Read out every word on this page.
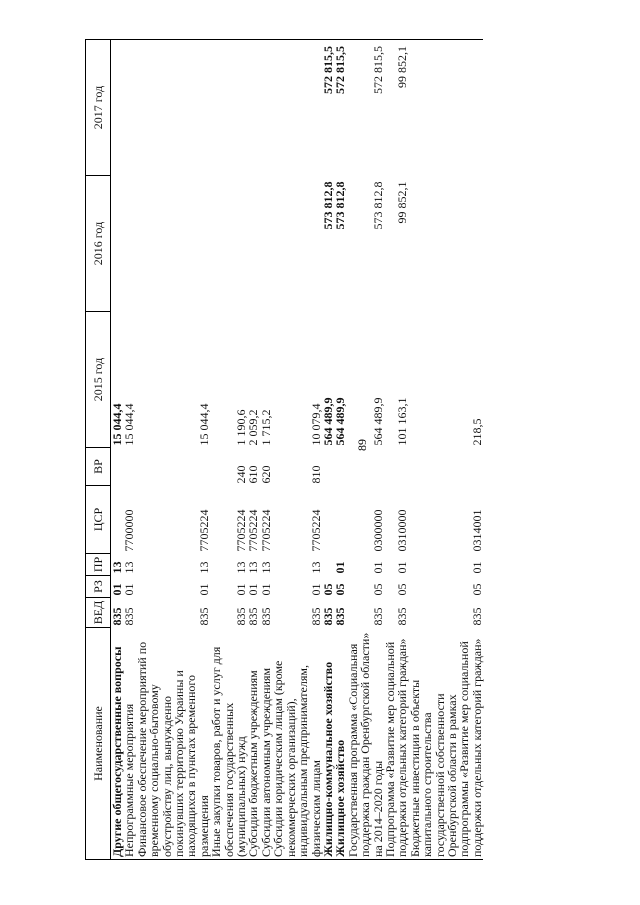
89
Наименование	ВЕД	РЗ	ПР	ЦСР	ВР	2015 год	2016 год	2017 год
Другие общегосударственные вопросы	835	01	13			15 044,4		
Непрограммные мероприятия	835	01	13	7700000		15 044,4		
Финансовое обеспечение мероприятий по временному социально-бытовому обустройству лиц, вынужденно покинувших территорию Украины и находящихся в пунктах временного размещения	835	01	13	7705224		15 044,4		
Иные закупки товаров, работ и услуг для обеспечения государственных (муниципальных) нужд	835	01	13	7705224	240	1 190,6		
Субсидии бюджетным учреждениям	835	01	13	7705224	610	2 059,2		
Субсидии автономным учреждениям	835	01	13	7705224	620	1 715,2		
Субсидии юридическим лицам (кроме некоммерческих организаций), индивидуальным предпринимателям, физическим лицам	835	01	13	7705224	810	10 079,4		
Жилищно-коммунальное хозяйство	835	05				564 489,9	573 812,8	572 815,5
Жилищное хозяйство	835	05	01			564 489,9	573 812,8	572 815,5
Государственная программа «Социальная поддержка граждан Оренбургской области» на 2014–2020 годы	835	05	01	0300000		564 489,9	573 812,8	572 815,5
Подпрограмма «Развитие мер социальной поддержки отдельных категорий граждан»	835	05	01	0310000		101 163,1	99 852,1	99 852,1
Бюджетные инвестиции в объекты капитального строительства государственной собственности Оренбургской области в рамках подпрограммы «Развитие мер социальной поддержки отдельных категорий граждан»	835	05	01	0314001		218,5		
